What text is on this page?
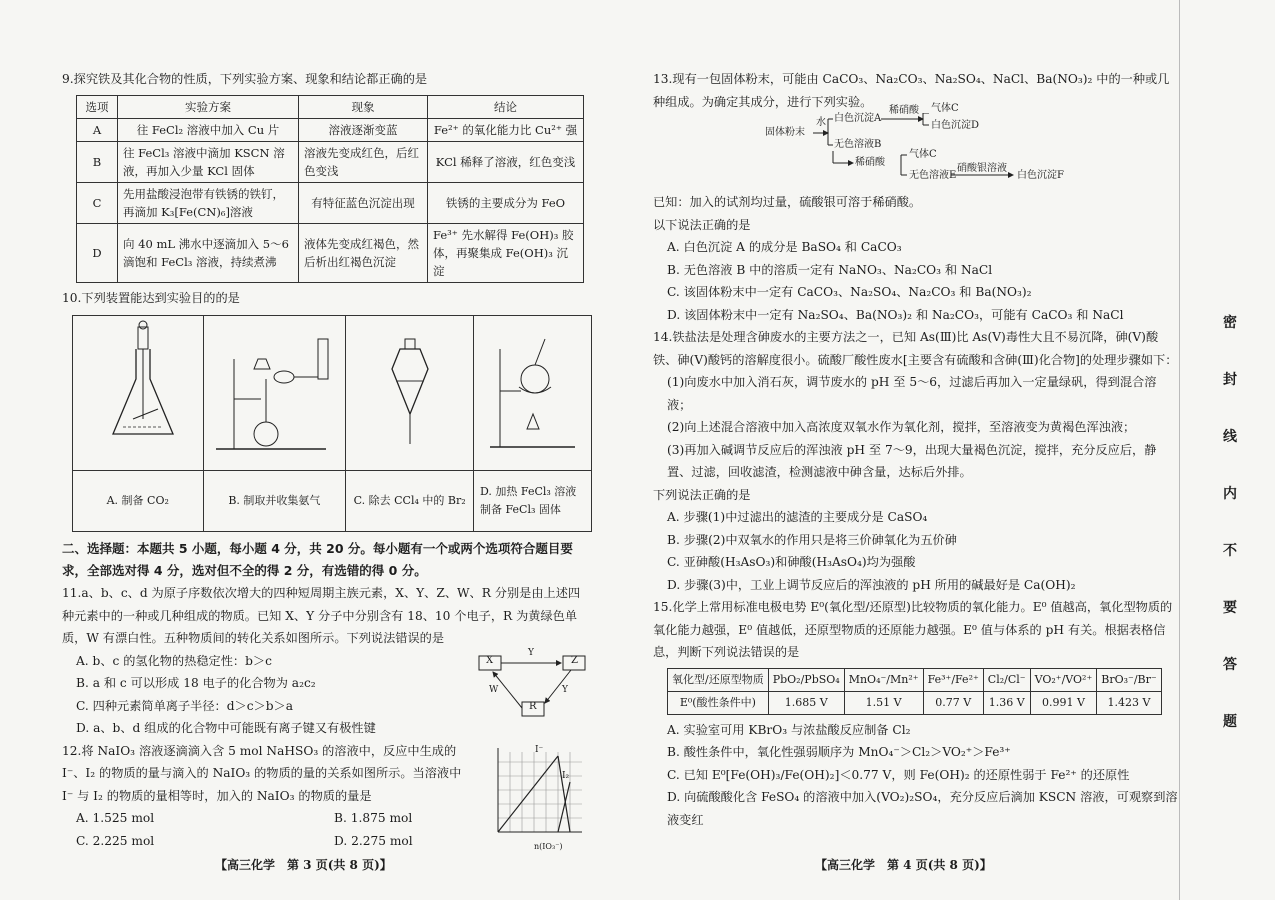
9.探究铁及其化合物的性质，下列实验方案、现象和结论都正确的是

选项	实验方案	现象	结论
A	往 FeCl₂ 溶液中加入 Cu 片	溶液逐渐变蓝	Fe²⁺ 的氧化能力比 Cu²⁺ 强
B	往 FeCl₃ 溶液中滴加 KSCN 溶液，再加入少量 KCl 固体	溶液先变成红色，后红色变浅	KCl 稀释了溶液，红色变浅
C	先用盐酸浸泡带有铁锈的铁钉，再滴加 K₃[Fe(CN)₆]溶液	有特征蓝色沉淀出现	铁锈的主要成分为 FeO
D	向 40 mL 沸水中逐滴加入 5～6 滴饱和 FeCl₃ 溶液，持续煮沸	液体先变成红褐色，然后析出红褐色沉淀	Fe³⁺ 先水解得 Fe(OH)₃ 胶体，再聚集成 Fe(OH)₃ 沉淀

10.下列装置能达到实验目的的是

A. 制备 CO₂	B. 制取并收集氨气	C. 除去 CCl₄ 中的 Br₂	D. 加热 FeCl₃ 溶液制备 FeCl₃ 固体

二、选择题：本题共 5 小题，每小题 4 分，共 20 分。每小题有一个或两个选项符合题目要求，全部选对得 4 分，选对但不全的得 2 分，有选错的得 0 分。

11.a、b、c、d 为原子序数依次增大的四种短周期主族元素，X、Y、Z、W、R 分别是由上述四种元素中的一种或几种组成的物质。已知 X、Y 分子中分别含有 18、10 个电子，R 为黄绿色单质，W 有漂白性。五种物质间的转化关系如图所示。下列说法错误的是

A. b、c 的氢化物的热稳定性：b＞c

B. a 和 c 可以形成 18 电子的化合物为 a₂c₂

C. 四种元素简单离子半径：d＞c＞b＞a

D. a、b、d 组成的化合物中可能既有离子键又有极性键

X	Z
R
Y
W	Y

12.将 NaIO₃ 溶液逐滴滴入含 5 mol NaHSO₃ 的溶液中，反应中生成的 I⁻、I₂ 的物质的量与滴入的 NaIO₃ 的物质的量的关系如图所示。当溶液中 I⁻ 与 I₂ 的物质的量相等时，加入的 NaIO₃ 的物质的量是

A. 1.525 mol	B. 1.875 mol
C. 2.225 mol	D. 2.275 mol
I⁻
I₂
n(IO₃⁻)

13.现有一包固体粉末，可能由 CaCO₃、Na₂CO₃、Na₂SO₄、NaCl、Ba(NO₃)₂ 中的一种或几种组成。为确定其成分，进行下列实验。

固体粉末
水 白色沉淀A
稀硝酸 气体C
白色沉淀D
无色溶液B
稀硝酸
气体C
无色溶液E
硝酸银溶液
白色沉淀F

已知：加入的试剂均过量，硫酸银可溶于稀硝酸。

以下说法正确的是

A. 白色沉淀 A 的成分是 BaSO₄ 和 CaCO₃

B. 无色溶液 B 中的溶质一定有 NaNO₃、Na₂CO₃ 和 NaCl

C. 该固体粉末中一定有 CaCO₃、Na₂SO₄、Na₂CO₃ 和 Ba(NO₃)₂

D. 该固体粉末中一定有 Na₂SO₄、Ba(NO₃)₂ 和 Na₂CO₃，可能有 CaCO₃ 和 NaCl

14.铁盐法是处理含砷废水的主要方法之一，已知 As(Ⅲ)比 As(Ⅴ)毒性大且不易沉降，砷(Ⅴ)酸铁、砷(Ⅴ)酸钙的溶解度很小。硫酸厂酸性废水[主要含有硫酸和含砷(Ⅲ)化合物]的处理步骤如下：

(1)向废水中加入消石灰，调节废水的 pH 至 5～6，过滤后再加入一定量绿矾，得到混合溶液；

(2)向上述混合溶液中加入高浓度双氧水作为氧化剂，搅拌，至溶液变为黄褐色浑浊液；

(3)再加入碱调节反应后的浑浊液 pH 至 7～9，出现大量褐色沉淀，搅拌，充分反应后，静置、过滤，回收滤渣，检测滤液中砷含量，达标后外排。

下列说法正确的是

A. 步骤(1)中过滤出的滤渣的主要成分是 CaSO₄

B. 步骤(2)中双氧水的作用只是将三价砷氧化为五价砷

C. 亚砷酸(H₃AsO₃)和砷酸(H₃AsO₄)均为强酸

D. 步骤(3)中，工业上调节反应后的浑浊液的 pH 所用的碱最好是 Ca(OH)₂

15.化学上常用标准电极电势 E⁰(氧化型/还原型)比较物质的氧化能力。E⁰ 值越高，氧化型物质的氧化能力越强，E⁰ 值越低，还原型物质的还原能力越强。E⁰ 值与体系的 pH 有关。根据表格信息，判断下列说法错误的是

氧化型/还原型物质	PbO₂/PbSO₄	MnO₄⁻/Mn²⁺	Fe³⁺/Fe²⁺	Cl₂/Cl⁻	VO₂⁺/VO²⁺	BrO₃⁻/Br⁻
E⁰(酸性条件中)	1.685 V	1.51 V	0.77 V	1.36 V	0.991 V	1.423 V

A. 实验室可用 KBrO₃ 与浓盐酸反应制备 Cl₂

B. 酸性条件中，氧化性强弱顺序为 MnO₄⁻＞Cl₂＞VO₂⁺＞Fe³⁺

C. 已知 E⁰[Fe(OH)₃/Fe(OH)₂]＜0.77 V，则 Fe(OH)₂ 的还原性弱于 Fe²⁺ 的还原性

D. 向硫酸酸化含 FeSO₄ 的溶液中加入(VO₂)₂SO₄，充分反应后滴加 KSCN 溶液，可观察到溶液变红

【高三化学　第 3 页(共 8 页)】	【高三化学　第 4 页(共 8 页)】
密
封
线
内
不
要
答
题
